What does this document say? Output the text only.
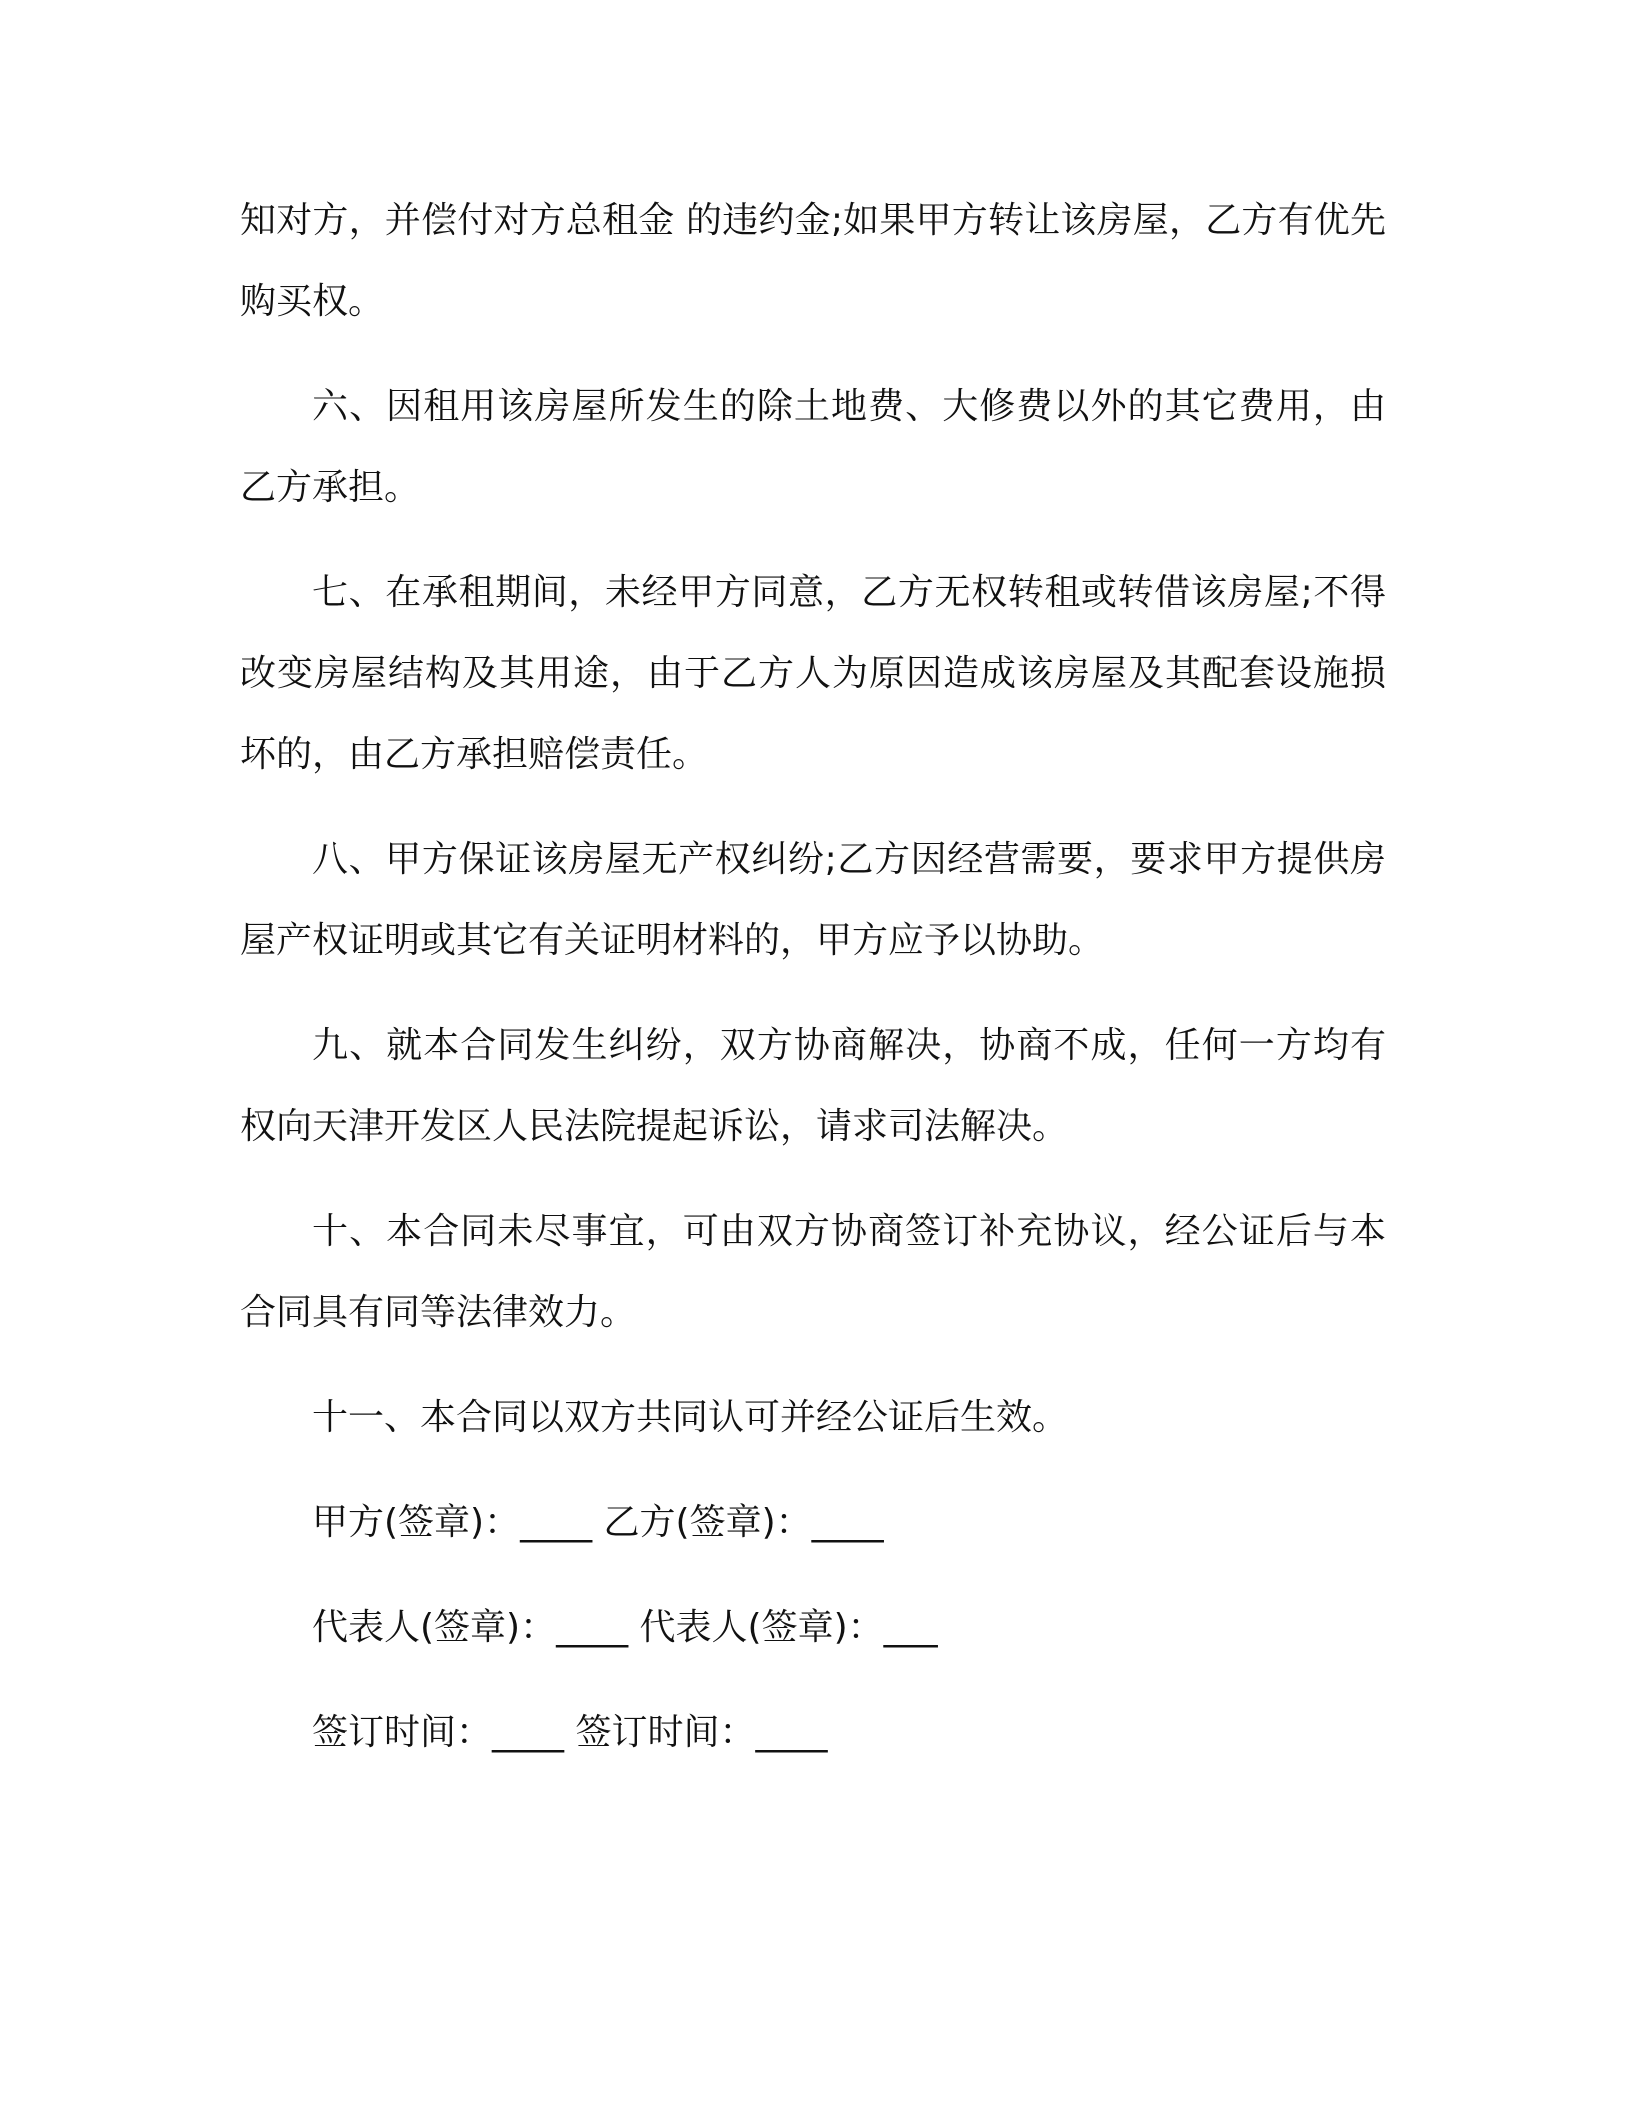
知对方，并偿付对方总租金 的违约金;如果甲方转让该房屋，乙方有优先购买权。

六、因租用该房屋所发生的除土地费、大修费以外的其它费用，由乙方承担。

七、在承租期间，未经甲方同意，乙方无权转租或转借该房屋;不得改变房屋结构及其用途，由于乙方人为原因造成该房屋及其配套设施损坏的，由乙方承担赔偿责任。

八、甲方保证该房屋无产权纠纷;乙方因经营需要，要求甲方提供房屋产权证明或其它有关证明材料的，甲方应予以协助。

九、就本合同发生纠纷，双方协商解决，协商不成，任何一方均有权向天津开发区人民法院提起诉讼，请求司法解决。

十、本合同未尽事宜，可由双方协商签订补充协议，经公证后与本合同具有同等法律效力。

十一、本合同以双方共同认可并经公证后生效。

甲方(签章)：____ 乙方(签章)：____

代表人(签章)：____ 代表人(签章)：___

签订时间：____ 签订时间：____
